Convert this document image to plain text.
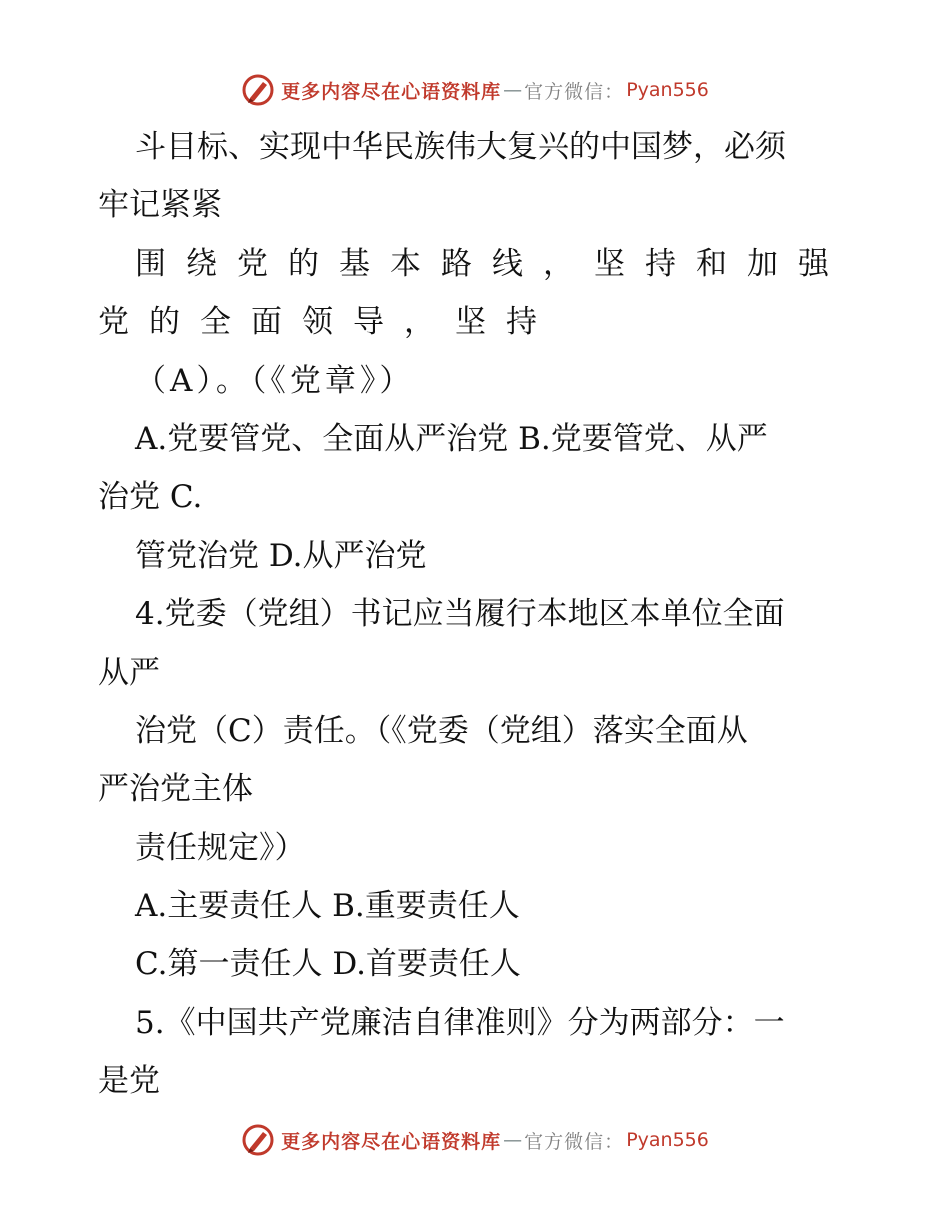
更多内容尽在心语资料库 — 官方微信： Pyan556
斗目标、实现中华民族伟大复兴的中国梦，必须
牢记紧紧
围绕党的基本路线，坚持和加强
党的全面领导，坚持
（A）。（《党章》）
A.党要管党、全面从严治党 B.党要管党、从严
治党 C.
管党治党 D.从严治党
4.党委（党组）书记应当履行本地区本单位全面
从严
治党（C）责任。（《党委（党组）落实全面从
严治党主体
责任规定》）
A.主要责任人 B.重要责任人
C.第一责任人 D.首要责任人
5.《中国共产党廉洁自律准则》分为两部分：一
是党
更多内容尽在心语资料库 — 官方微信： Pyan556
